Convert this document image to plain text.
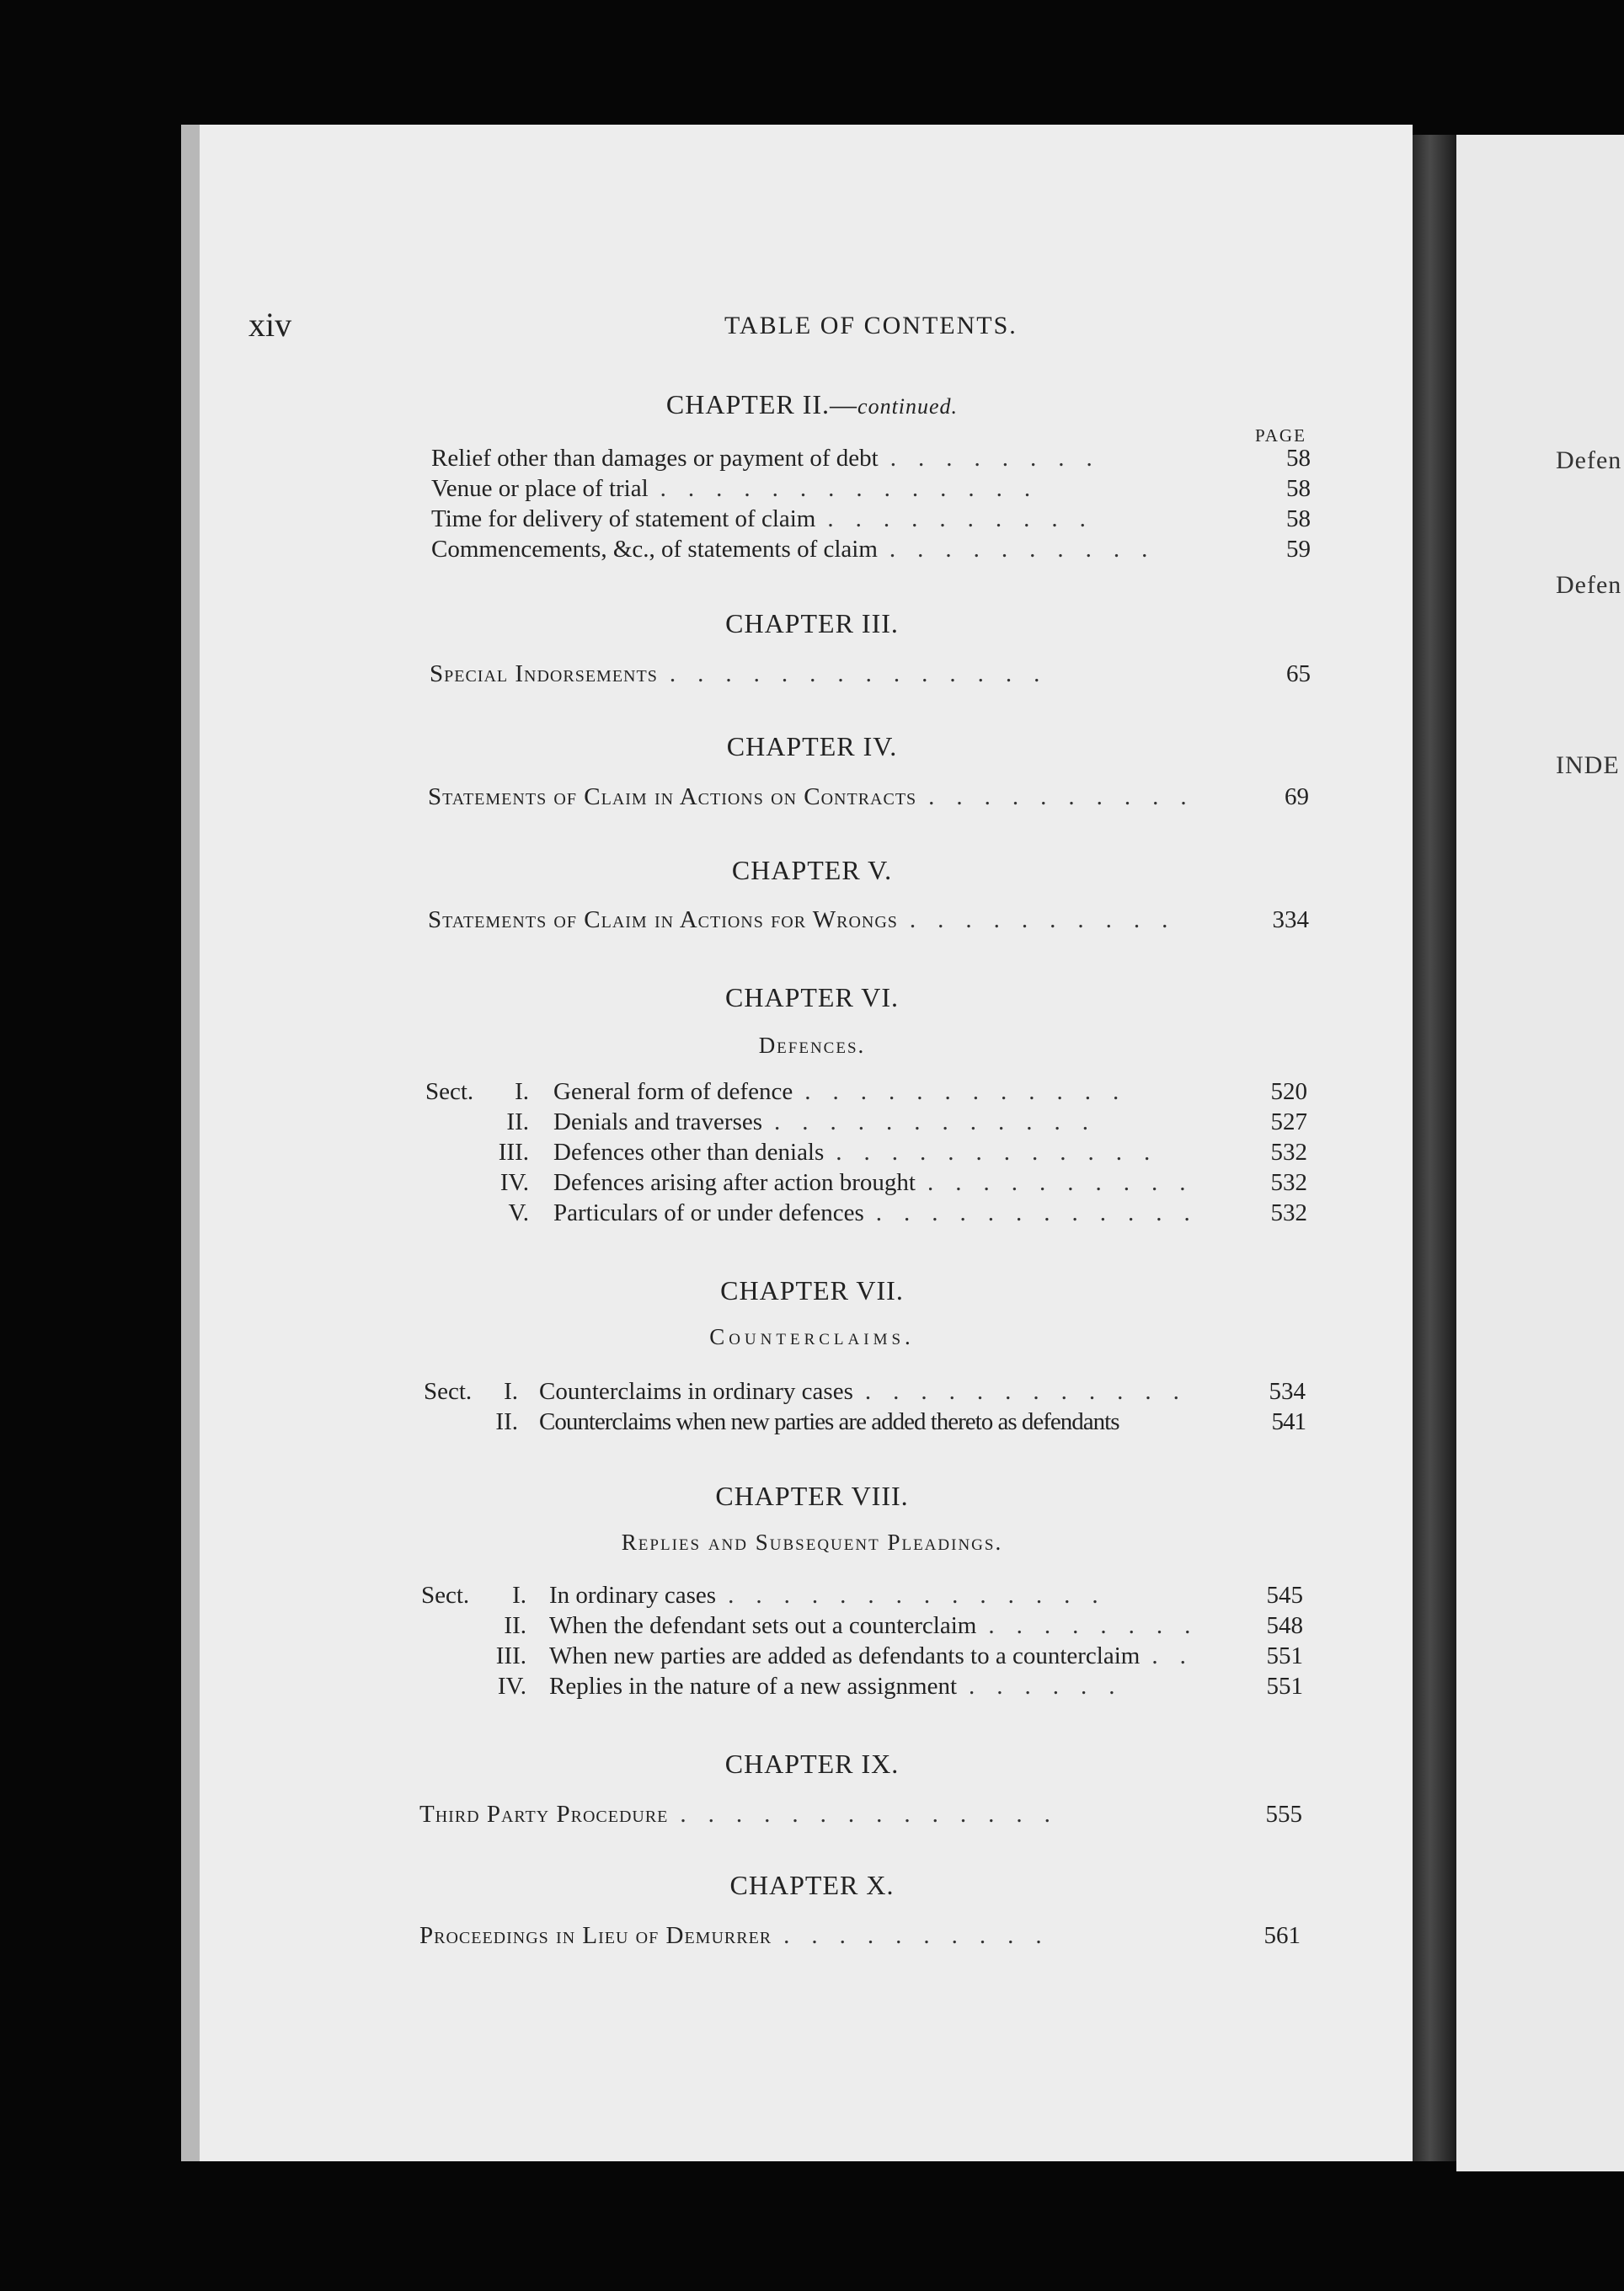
Defen
Defen
INDE
xiv	TABLE OF CONTENTS.
CHAPTER II.—continued.
PAGE
Relief other than damages or payment of debt ........	58
Venue or place of trial ..............	58
Time for delivery of statement of claim ..........	58
Commencements, &c., of statements of claim ..........	59
CHAPTER III.
Special Indorsements ..............	65
CHAPTER IV.
Statements of Claim in Actions on Contracts ..........	69
CHAPTER V.
Statements of Claim in Actions for Wrongs ..........	334
CHAPTER VI.
Defences.
Sect.	I. General form of defence ............	520
II. Denials and traverses ............	527
III. Defences other than denials ............	532
IV. Defences arising after action brought ..........	532
V. Particulars of or under defences ............	532
CHAPTER VII.
Counterclaims.
Sect.	I. Counterclaims in ordinary cases ............	534
II. Counterclaims when new parties are added thereto as defendants	541
CHAPTER VIII.
Replies and Subsequent Pleadings.
Sect.	I. In ordinary cases ..............	545
II. When the defendant sets out a counterclaim ........	548
III. When new parties are added as defendants to a counterclaim ..	551
IV. Replies in the nature of a new assignment ......	551
CHAPTER IX.
Third Party Procedure ..............	555
CHAPTER X.
Proceedings in Lieu of Demurrer ..........	561
